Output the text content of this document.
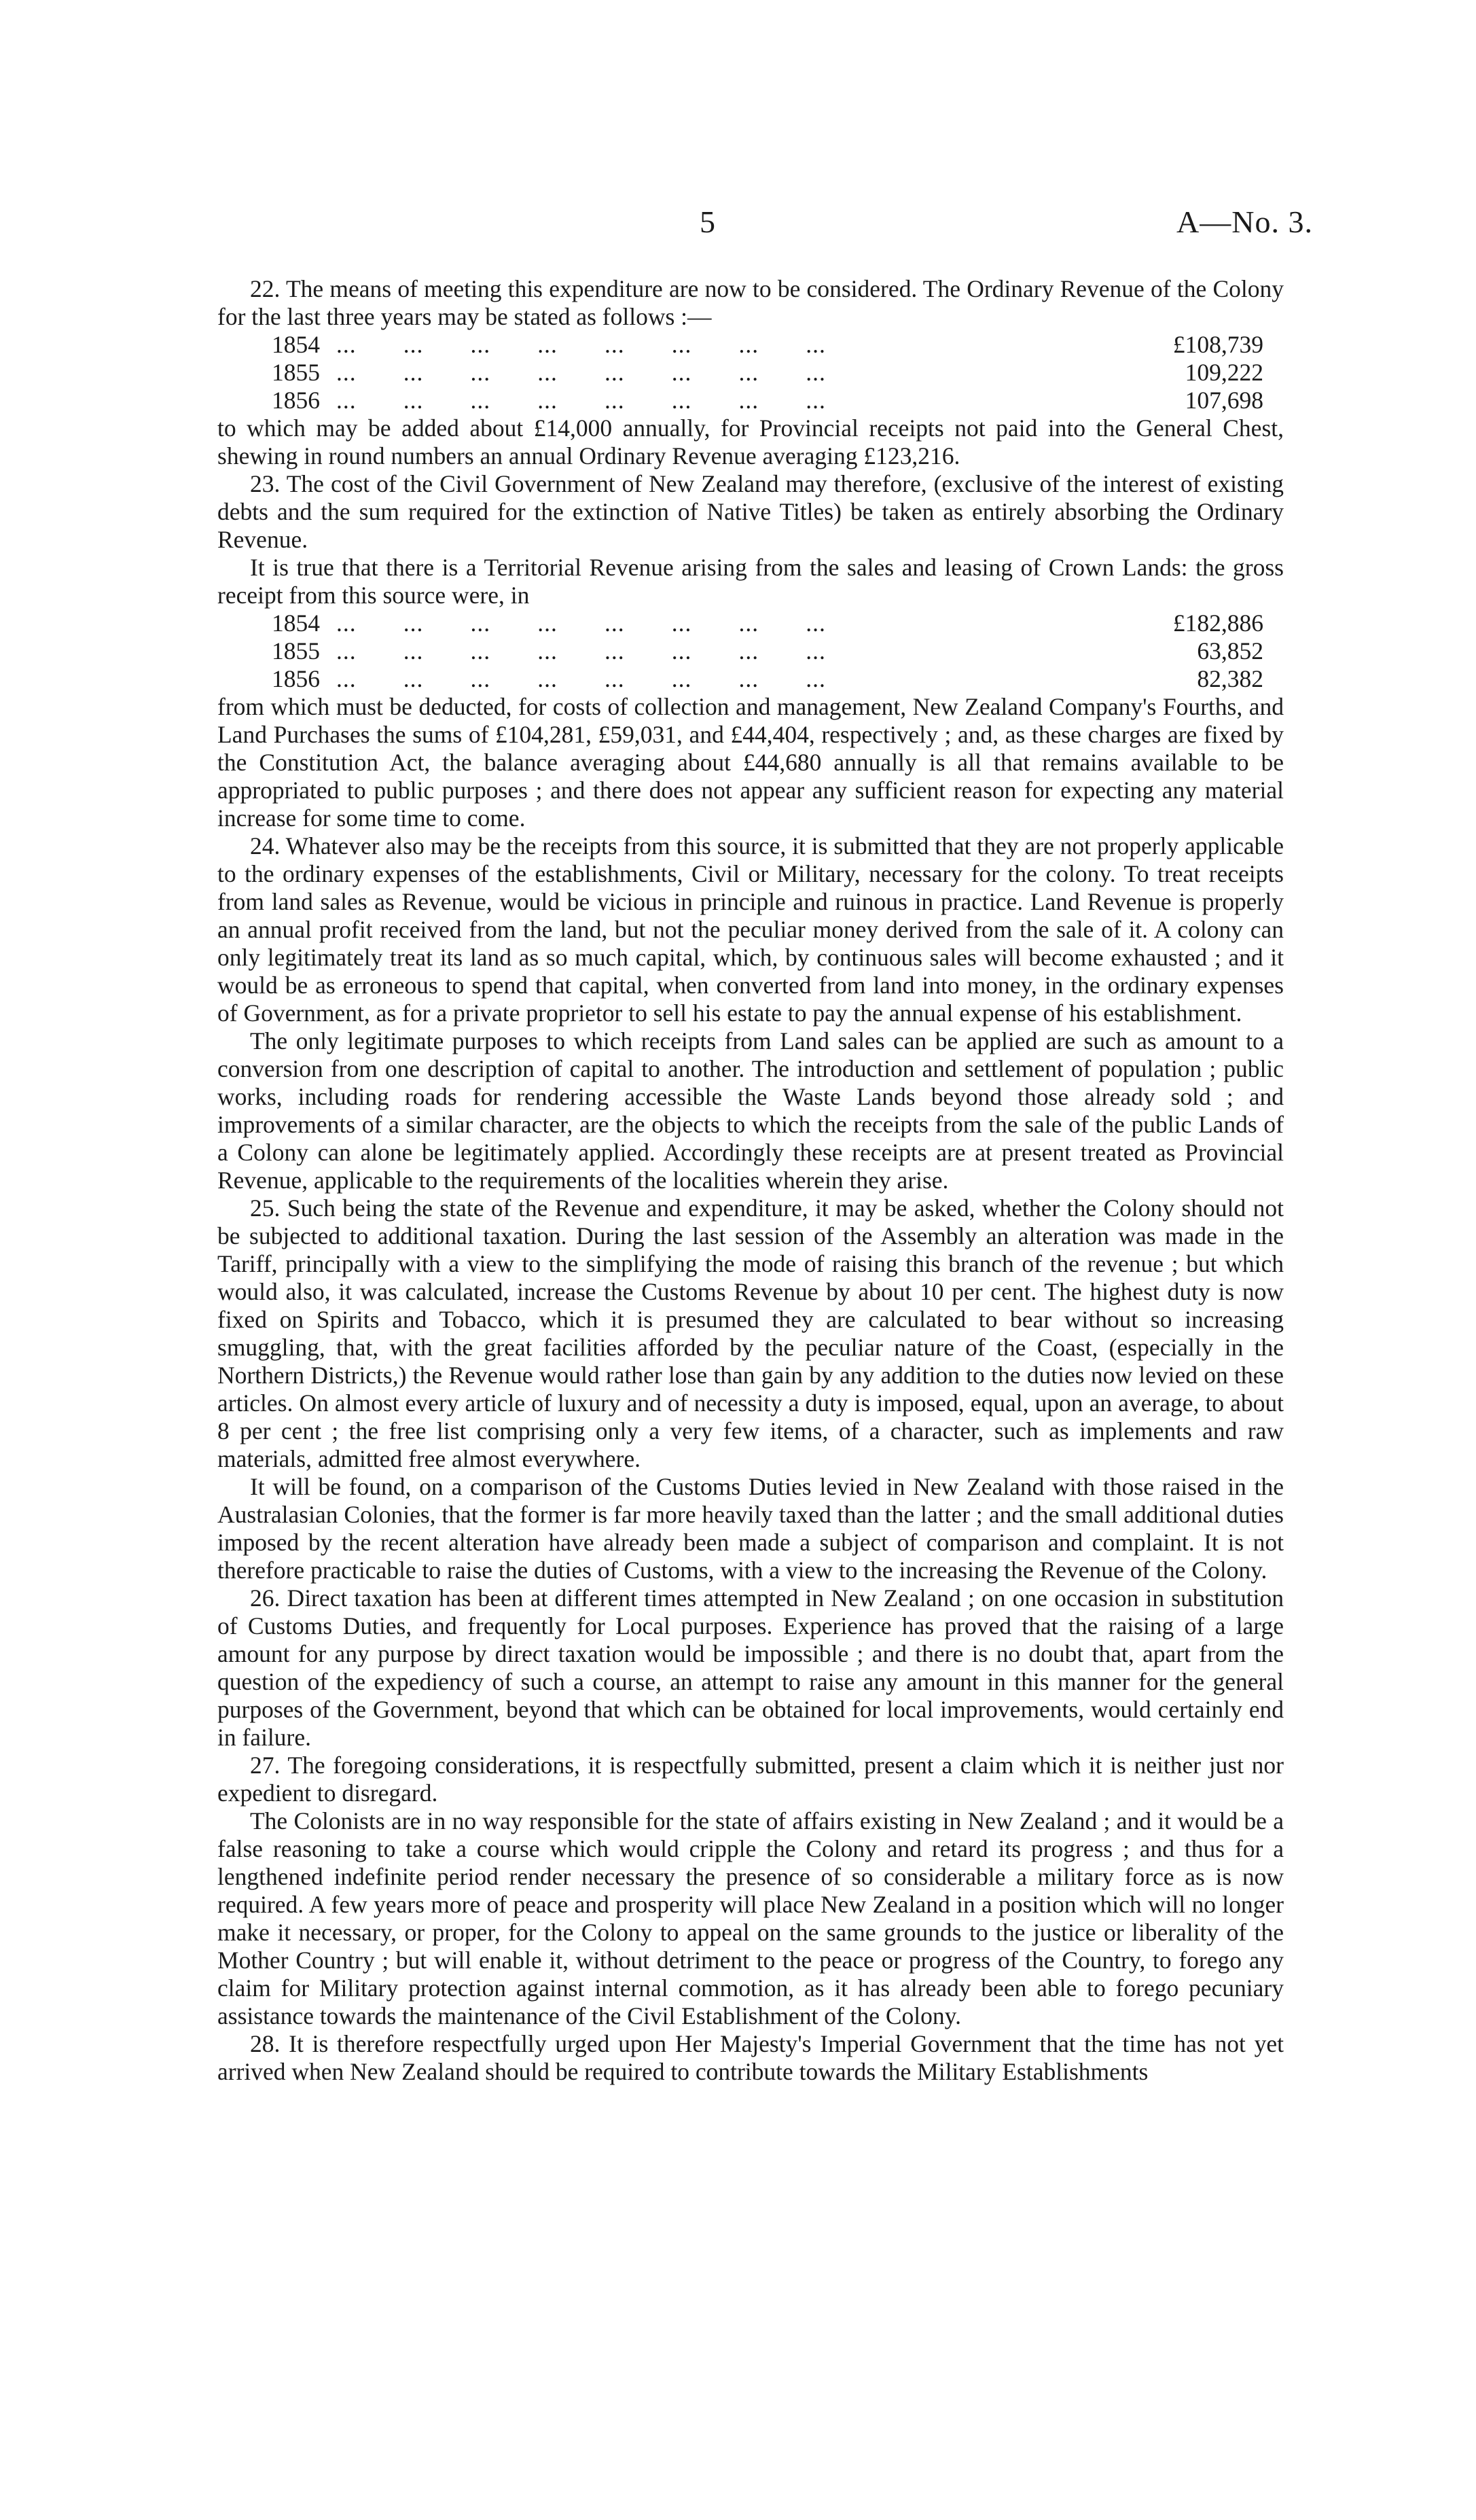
5	A—No. 3.

22. The means of meeting this expenditure are now to be considered. The Ordinary Revenue of the Colony for the last three years may be stated as follows :—

1854 ...       ...       ...       ...       ...       ...       ...       ...	£108,739
1855 ...       ...       ...       ...       ...       ...       ...       ...	109,222
1856 ...       ...       ...       ...       ...       ...       ...       ...	107,698

to which may be added about £14,000 annually, for Provincial receipts not paid into the General Chest, shewing in round numbers an annual Ordinary Revenue averaging £123,216.

23. The cost of the Civil Government of New Zealand may therefore, (exclusive of the interest of existing debts and the sum required for the extinction of Native Titles) be taken as entirely absorbing the Ordinary Revenue.

It is true that there is a Territorial Revenue arising from the sales and leasing of Crown Lands: the gross receipt from this source were, in

1854 ...       ...       ...       ...       ...       ...       ...       ...	£182,886
1855 ...       ...       ...       ...       ...       ...       ...       ...	63,852
1856 ...       ...       ...       ...       ...       ...       ...       ...	82,382

from which must be deducted, for costs of collection and management, New Zealand Company's Fourths, and Land Purchases the sums of £104,281, £59,031, and £44,404, respectively ; and, as these charges are fixed by the Constitution Act, the balance averaging about £44,680 annually is all that remains available to be appropriated to public purposes ; and there does not appear any sufficient reason for expecting any material increase for some time to come.

24. Whatever also may be the receipts from this source, it is submitted that they are not properly applicable to the ordinary expenses of the establishments, Civil or Military, necessary for the colony. To treat receipts from land sales as Revenue, would be vicious in principle and ruinous in practice. Land Revenue is properly an annual profit received from the land, but not the peculiar money derived from the sale of it. A colony can only legitimately treat its land as so much capital, which, by continuous sales will become exhausted ; and it would be as erroneous to spend that capital, when converted from land into money, in the ordinary expenses of Government, as for a private proprietor to sell his estate to pay the annual expense of his establishment.

The only legitimate purposes to which receipts from Land sales can be applied are such as amount to a conversion from one description of capital to another. The introduction and settlement of population ; public works, including roads for rendering accessible the Waste Lands beyond those already sold ; and improvements of a similar character, are the objects to which the receipts from the sale of the public Lands of a Colony can alone be legitimately applied. Accordingly these receipts are at present treated as Provincial Revenue, applicable to the requirements of the localities wherein they arise.

25. Such being the state of the Revenue and expenditure, it may be asked, whether the Colony should not be subjected to additional taxation. During the last session of the Assembly an alteration was made in the Tariff, principally with a view to the simplifying the mode of raising this branch of the revenue ; but which would also, it was calculated, increase the Customs Revenue by about 10 per cent. The highest duty is now fixed on Spirits and Tobacco, which it is presumed they are calculated to bear without so increasing smuggling, that, with the great facilities afforded by the peculiar nature of the Coast, (especially in the Northern Districts,) the Revenue would rather lose than gain by any addition to the duties now levied on these articles. On almost every article of luxury and of necessity a duty is imposed, equal, upon an average, to about 8 per cent ; the free list comprising only a very few items, of a character, such as implements and raw materials, admitted free almost everywhere.

It will be found, on a comparison of the Customs Duties levied in New Zealand with those raised in the Australasian Colonies, that the former is far more heavily taxed than the latter ; and the small additional duties imposed by the recent alteration have already been made a subject of comparison and complaint. It is not therefore practicable to raise the duties of Customs, with a view to the increasing the Revenue of the Colony.

26. Direct taxation has been at different times attempted in New Zealand ; on one occasion in substitution of Customs Duties, and frequently for Local purposes. Experience has proved that the raising of a large amount for any purpose by direct taxation would be impossible ; and there is no doubt that, apart from the question of the expediency of such a course, an attempt to raise any amount in this manner for the general purposes of the Government, beyond that which can be obtained for local improvements, would certainly end in failure.

27. The foregoing considerations, it is respectfully submitted, present a claim which it is neither just nor expedient to disregard.

The Colonists are in no way responsible for the state of affairs existing in New Zealand ; and it would be a false reasoning to take a course which would cripple the Colony and retard its progress ; and thus for a lengthened indefinite period render necessary the presence of so considerable a military force as is now required. A few years more of peace and prosperity will place New Zealand in a position which will no longer make it necessary, or proper, for the Colony to appeal on the same grounds to the justice or liberality of the Mother Country ; but will enable it, without detriment to the peace or progress of the Country, to forego any claim for Military protection against internal commotion, as it has already been able to forego pecuniary assistance towards the maintenance of the Civil Establishment of the Colony.

28. It is therefore respectfully urged upon Her Majesty's Imperial Government that the time has not yet arrived when New Zealand should be required to contribute towards the Military Establishments
